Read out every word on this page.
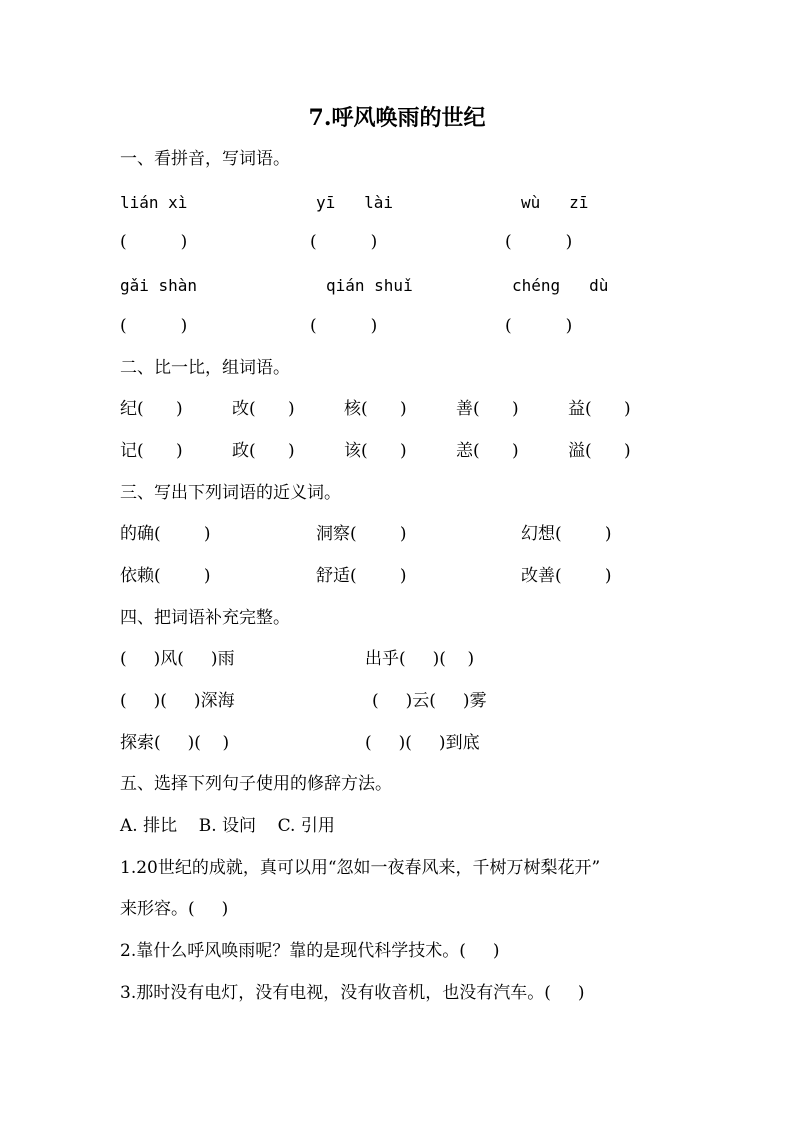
7.呼风唤雨的世纪
一、看拼音，写词语。
lián xì	yī   lài	wù   zī
(          )	(          )	(          )
gǎi shàn	qián shuǐ	chéng   dù
(          )	(          )	(          )
二、比一比，组词语。
纪(      )	改(      )	核(      )	善(      )	益(      )
记(      )	政(      )	该(      )	恙(      )	溢(      )
三、写出下列词语的近义词。
的确(        )	洞察(        )	幻想(        )
依赖(        )	舒适(        )	改善(        )
四、把词语补充完整。
(     )风(     )雨	出乎(     )(    )
(     )(     )深海	(     )云(     )雾
探索(     )(    )	(     )(     )到底
五、选择下列句子使用的修辞方法。
A. 排比    B. 设问    C. 引用
1.20世纪的成就，真可以用“忽如一夜春风来，千树万树梨花开”
来形容。(     )
2.靠什么呼风唤雨呢？靠的是现代科学技术。(     )
3.那时没有电灯，没有电视，没有收音机，也没有汽车。(     )
